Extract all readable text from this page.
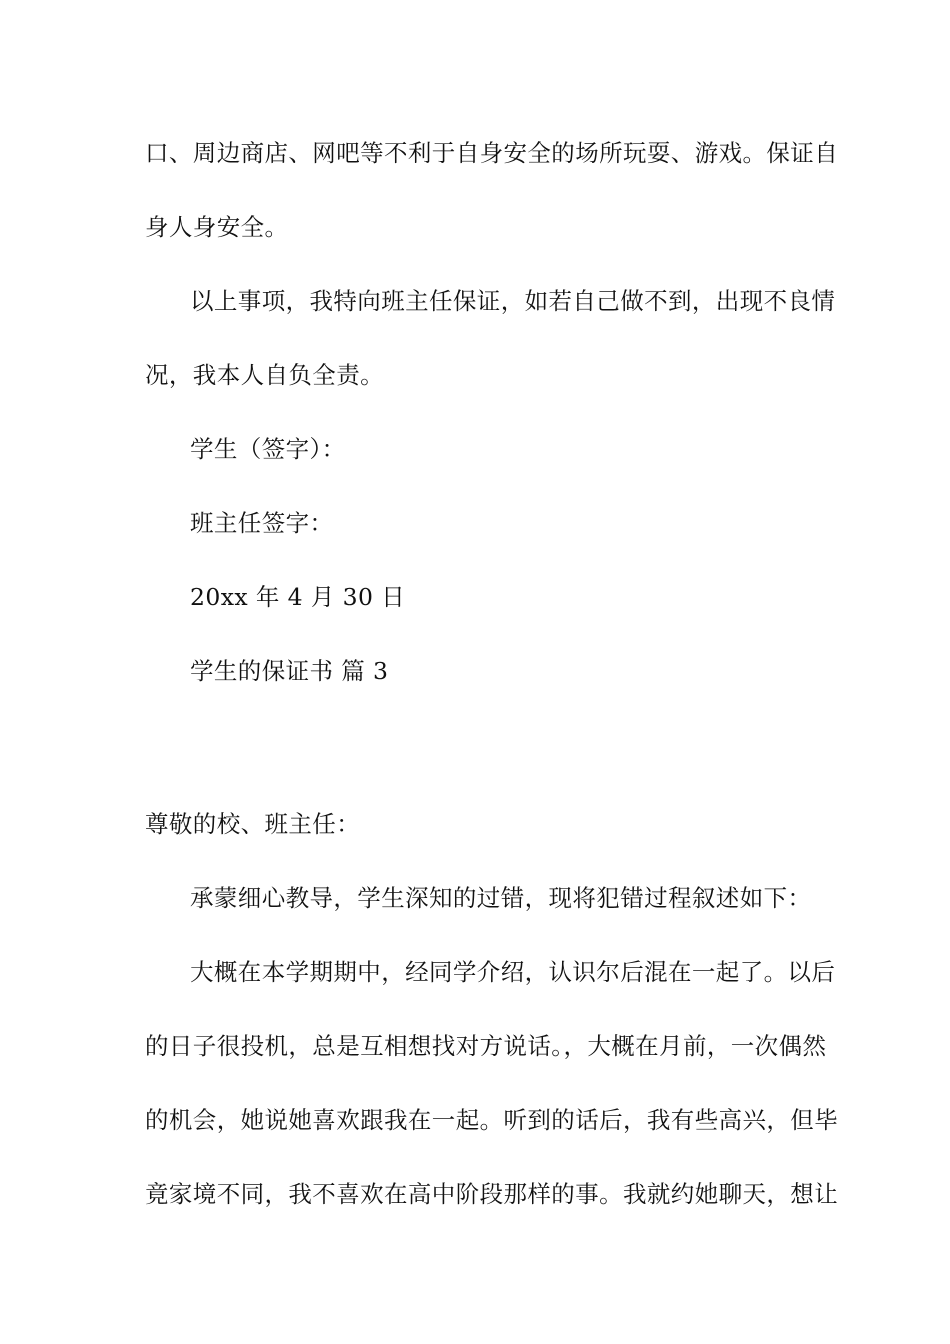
口、周边商店、网吧等不利于自身安全的场所玩耍、游戏。保证自
身人身安全。
以上事项，我特向班主任保证，如若自己做不到，出现不良情
况，我本人自负全责。
学生（签字）：
班主任签字：
20xx 年 4 月 30 日
学生的保证书 篇 3
尊敬的校、班主任：
承蒙细心教导，学生深知的过错，现将犯错过程叙述如下：
大概在本学期期中，经同学介绍，认识尔后混在一起了。以后
的日子很投机，总是互相想找对方说话。，大概在月前，一次偶然
的机会，她说她喜欢跟我在一起。听到的话后，我有些高兴，但毕
竟家境不同，我不喜欢在高中阶段那样的事。我就约她聊天，想让
